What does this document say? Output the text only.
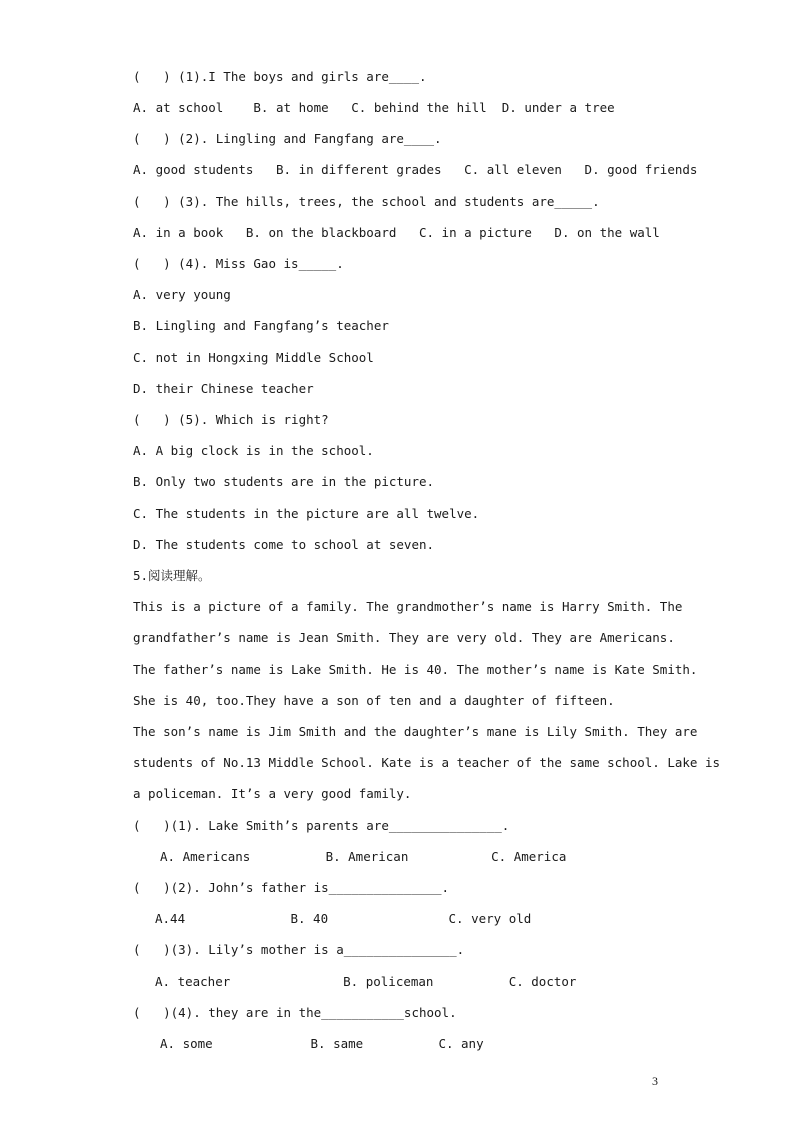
(   ) (1).I The boys and girls are____.
A. at school    B. at home   C. behind the hill  D. under a tree
(   ) (2). Lingling and Fangfang are____.
A. good students   B. in different grades   C. all eleven   D. good friends
(   ) (3). The hills, trees, the school and students are_____.
A. in a book   B. on the blackboard   C. in a picture   D. on the wall
(   ) (4). Miss Gao is_____.
A. very young
B. Lingling and Fangfang’s teacher
C. not in Hongxing Middle School
D. their Chinese teacher
(   ) (5). Which is right?
A. A big clock is in the school.
B. Only two students are in the picture.
C. The students in the picture are all twelve.
D. The students come to school at seven.
5.阅读理解。
This is a picture of a family. The grandmother’s name is Harry Smith. The
grandfather’s name is Jean Smith. They are very old. They are Americans.
The father’s name is Lake Smith. He is 40. The mother’s name is Kate Smith.
She is 40, too.They have a son of ten and a daughter of fifteen.
The son’s name is Jim Smith and the daughter’s mane is Lily Smith. They are
students of No.13 Middle School. Kate is a teacher of the same school. Lake is
a policeman. It’s a very good family.
(   )(1). Lake Smith’s parents are_______________.
A. Americans          B. American           C. America
(   )(2). John’s father is_______________.
A.44              B. 40                C. very old
(   )(3). Lily’s mother is a_______________.
A. teacher               B. policeman          C. doctor
(   )(4). they are in the___________school.
A. some             B. same          C. any
3
